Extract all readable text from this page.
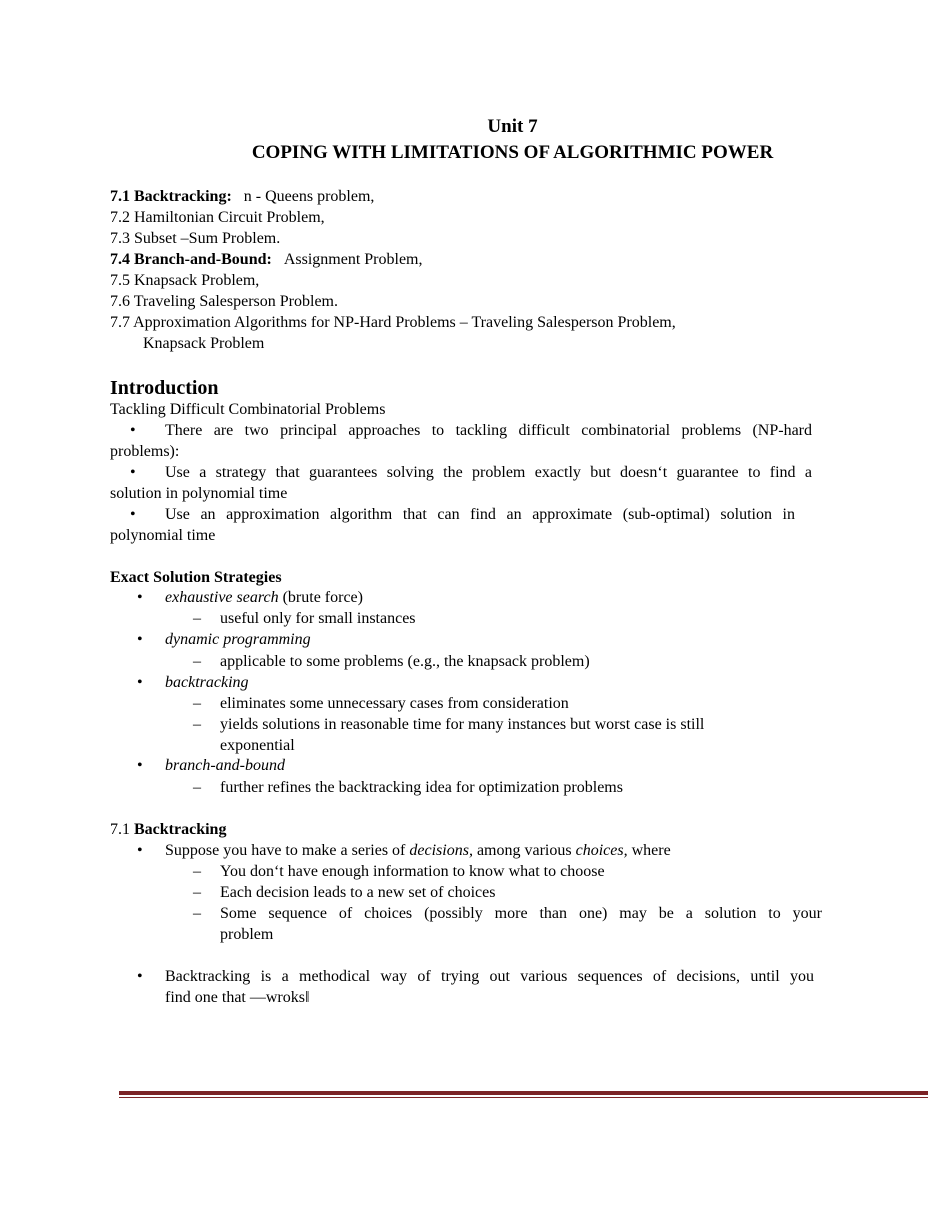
Unit 7
COPING WITH LIMITATIONS OF ALGORITHMIC POWER
7.1 Backtracking: n - Queens problem,
7.2 Hamiltonian Circuit Problem,
7.3 Subset –Sum Problem.
7.4 Branch-and-Bound: Assignment Problem,
7.5 Knapsack Problem,
7.6 Traveling Salesperson Problem.
7.7 Approximation Algorithms for NP-Hard Problems – Traveling Salesperson Problem,
Knapsack Problem
Introduction
Tackling Difficult Combinatorial Problems
• There are two principal approaches to tackling difficult combinatorial problems (NP-hard
problems):
• Use a strategy that guarantees solving the problem exactly but doesn‘t guarantee to find a
solution in polynomial time
• Use an approximation algorithm that can find an approximate (sub-optimal) solution in
polynomial time
Exact Solution Strategies
• exhaustive search (brute force)
– useful only for small instances
• dynamic programming
– applicable to some problems (e.g., the knapsack problem)
• backtracking
– eliminates some unnecessary cases from consideration
– yields solutions in reasonable time for many instances but worst case is still
exponential
• branch-and-bound
– further refines the backtracking idea for optimization problems
7.1 Backtracking
• Suppose you have to make a series of decisions, among various choices, where
– You don‘t have enough information to know what to choose
– Each decision leads to a new set of choices
– Some sequence of choices (possibly more than one) may be a solution to your
problem
• Backtracking is a methodical way of trying out various sequences of decisions, until you
find one that ―wroks‖
